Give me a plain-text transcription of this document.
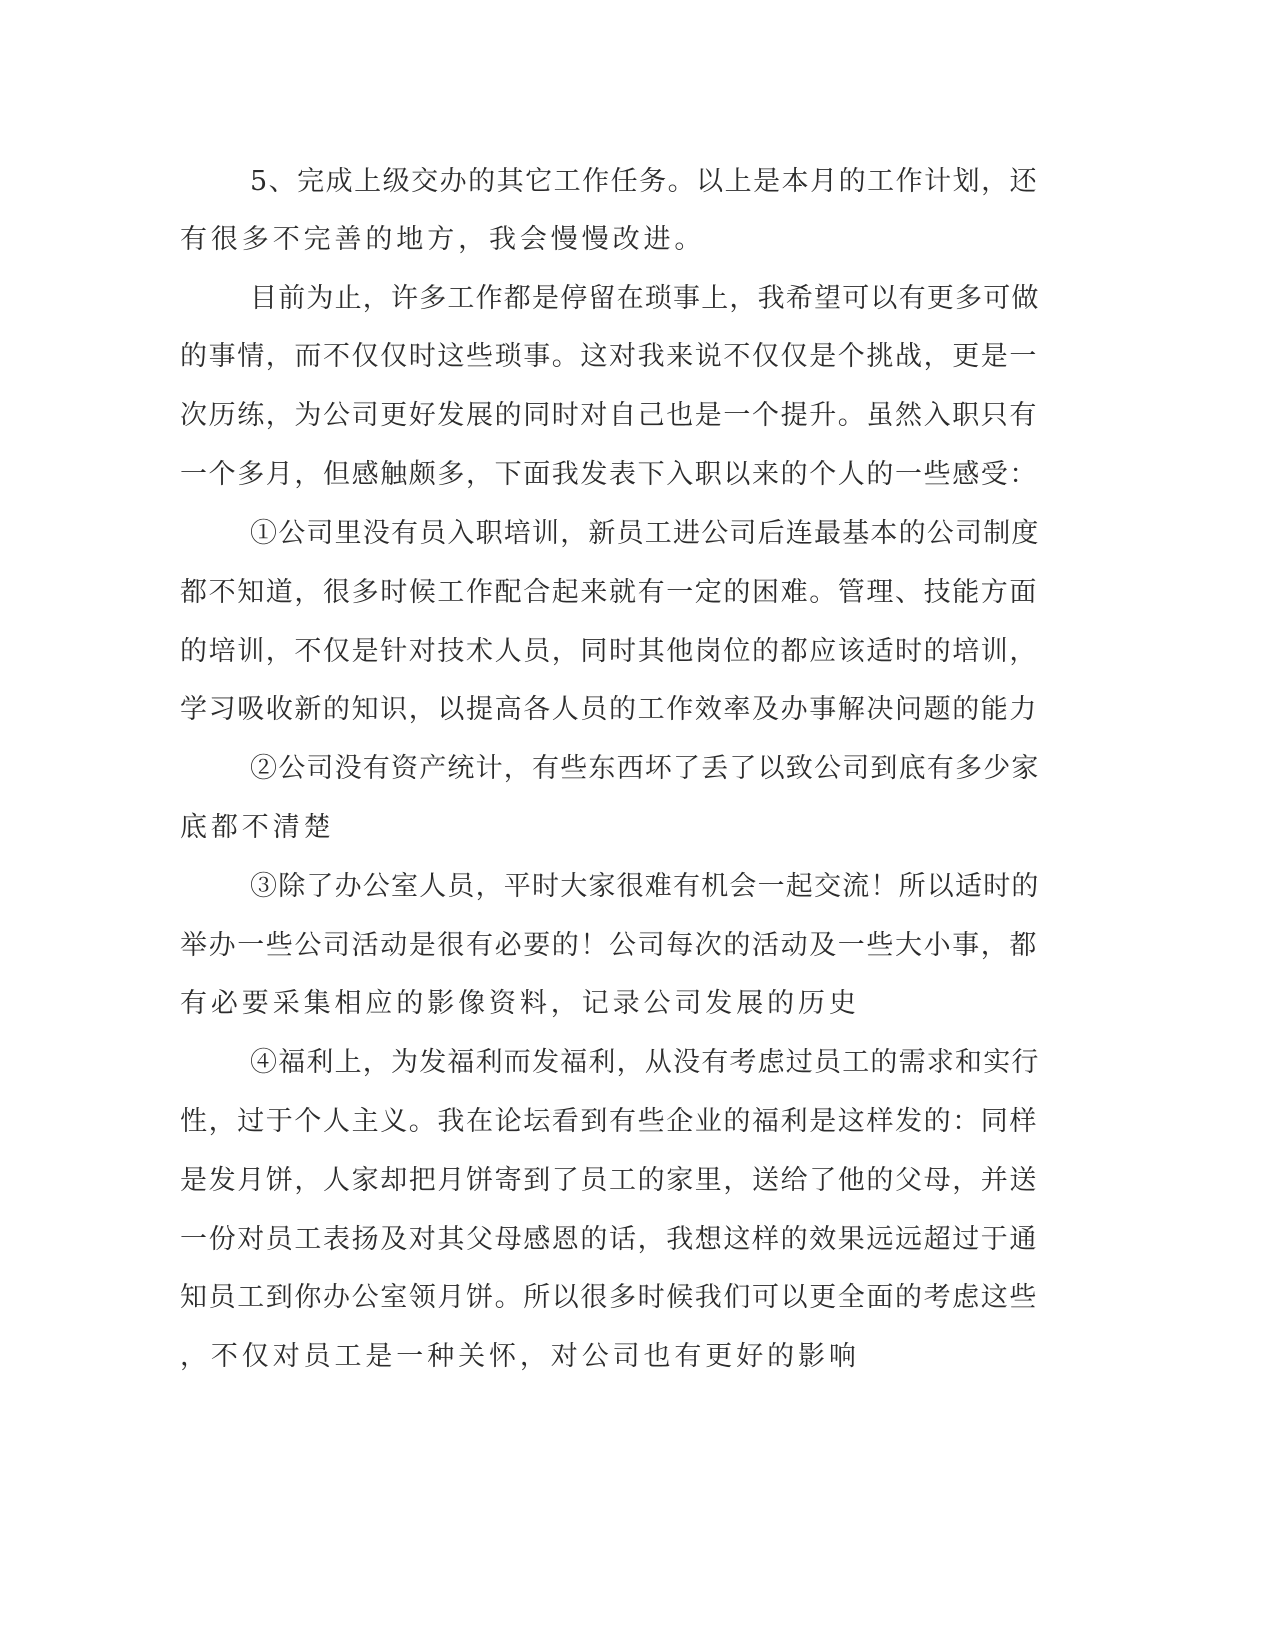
5、完成上级交办的其它工作任务。以上是本月的工作计划，还
有很多不完善的地方，我会慢慢改进。
目前为止，许多工作都是停留在琐事上，我希望可以有更多可做
的事情，而不仅仅时这些琐事。这对我来说不仅仅是个挑战，更是一
次历练，为公司更好发展的同时对自己也是一个提升。虽然入职只有
一个多月，但感触颇多，下面我发表下入职以来的个人的一些感受：
①公司里没有员入职培训，新员工进公司后连最基本的公司制度
都不知道，很多时候工作配合起来就有一定的困难。管理、技能方面
的培训，不仅是针对技术人员，同时其他岗位的都应该适时的培训，
学习吸收新的知识，以提高各人员的工作效率及办事解决问题的能力
②公司没有资产统计，有些东西坏了丢了以致公司到底有多少家
底都不清楚
③除了办公室人员，平时大家很难有机会一起交流！所以适时的
举办一些公司活动是很有必要的！公司每次的活动及一些大小事，都
有必要采集相应的影像资料，记录公司发展的历史
④福利上，为发福利而发福利，从没有考虑过员工的需求和实行
性，过于个人主义。我在论坛看到有些企业的福利是这样发的：同样
是发月饼，人家却把月饼寄到了员工的家里，送给了他的父母，并送
一份对员工表扬及对其父母感恩的话，我想这样的效果远远超过于通
知员工到你办公室领月饼。所以很多时候我们可以更全面的考虑这些
，不仅对员工是一种关怀，对公司也有更好的影响
